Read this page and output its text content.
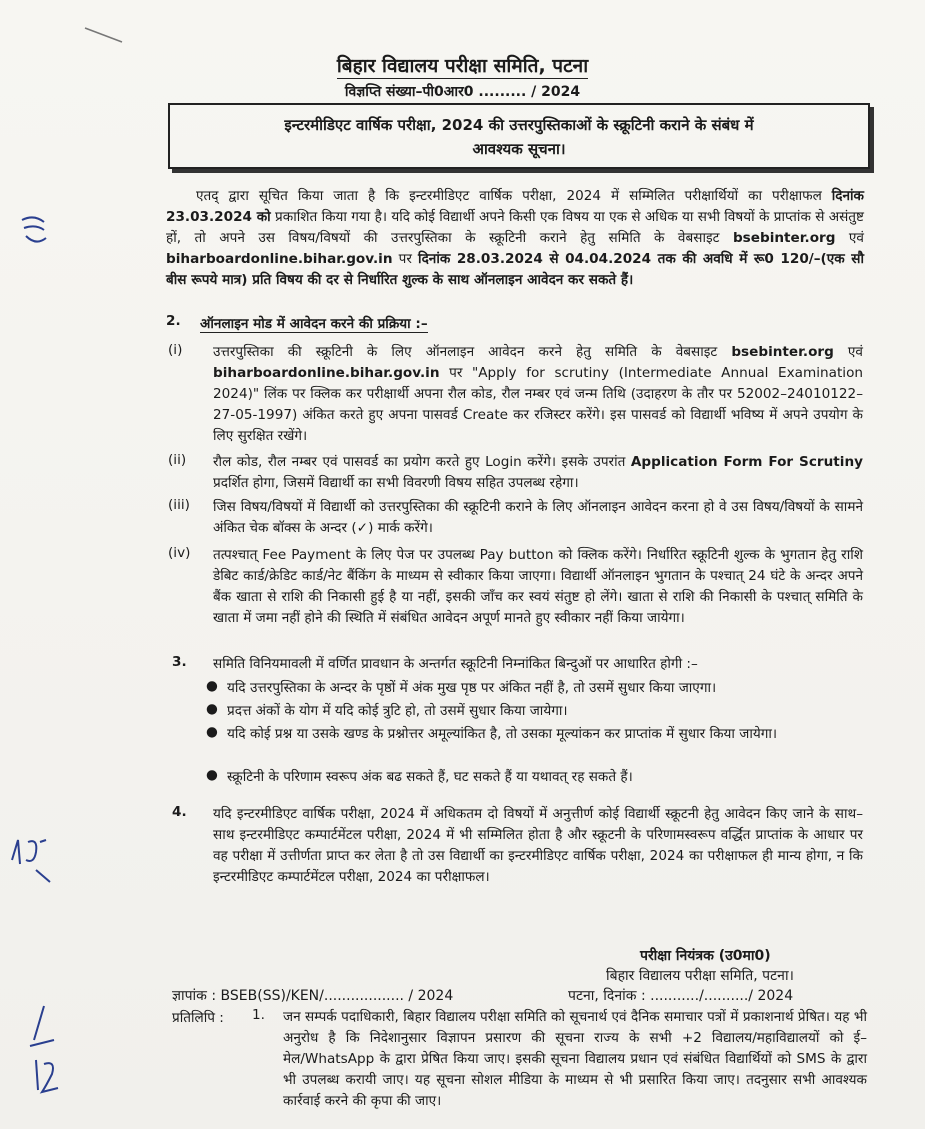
बिहार विद्यालय परीक्षा समिति, पटना
विज्ञप्ति संख्या–पी0आर0 ......... / 2024
इन्टरमीडिएट वार्षिक परीक्षा, 2024 की उत्तरपुस्तिकाओं के स्क्रूटिनी कराने के संबंध में
आवश्यक सूचना।
एतद् द्वारा सूचित किया जाता है कि इन्टरमीडिएट वार्षिक परीक्षा, 2024 में सम्मिलित परीक्षार्थियों का परीक्षाफल दिनांक 23.03.2024 को प्रकाशित किया गया है। यदि कोई विद्यार्थी अपने किसी एक विषय या एक से अधिक या सभी विषयों के प्राप्तांक से असंतुष्ट हों, तो अपने उस विषय/विषयों की उत्तरपुस्तिका के स्क्रूटिनी कराने हेतु समिति के वेबसाइट bsebinter.org एवं biharboardonline.bihar.gov.in पर दिनांक 28.03.2024 से 04.04.2024 तक की अवधि में रू0 120/–(एक सौ बीस रूपये मात्र) प्रति विषय की दर से निर्धारित शुल्क के साथ ऑनलाइन आवेदन कर सकते हैं।
2. ऑनलाइन मोड में आवेदन करने की प्रक्रिया :–
(i) उत्तरपुस्तिका की स्क्रूटिनी के लिए ऑनलाइन आवेदन करने हेतु समिति के वेबसाइट bsebinter.org एवं biharboardonline.bihar.gov.in पर "Apply for scrutiny (Intermediate Annual Examination 2024)" लिंक पर क्लिक कर परीक्षार्थी अपना रौल कोड, रौल नम्बर एवं जन्म तिथि (उदाहरण के तौर पर 52002–24010122–27-05-1997) अंकित करते हुए अपना पासवर्ड Create कर रजिस्टर करेंगे। इस पासवर्ड को विद्यार्थी भविष्य में अपने उपयोग के लिए सुरक्षित रखेंगे।
(ii) रौल कोड, रौल नम्बर एवं पासवर्ड का प्रयोग करते हुए Login करेंगे। इसके उपरांत Application Form For Scrutiny प्रदर्शित होगा, जिसमें विद्यार्थी का सभी विवरणी विषय सहित उपलब्ध रहेगा।
(iii) जिस विषय/विषयों में विद्यार्थी को उत्तरपुस्तिका की स्क्रूटिनी कराने के लिए ऑनलाइन आवेदन करना हो वे उस विषय/विषयों के सामने अंकित चेक बॉक्स के अन्दर (✓) मार्क करेंगे।
(iv) तत्पश्चात् Fee Payment के लिए पेज पर उपलब्ध Pay button को क्लिक करेंगे। निर्धारित स्क्रूटिनी शुल्क के भुगतान हेतु राशि डेबिट कार्ड/क्रेडिट कार्ड/नेट बैंकिंग के माध्यम से स्वीकार किया जाएगा। विद्यार्थी ऑनलाइन भुगतान के पश्चात् 24 घंटे के अन्दर अपने बैंक खाता से राशि की निकासी हुई है या नहीं, इसकी जाँच कर स्वयं संतुष्ट हो लेंगे। खाता से राशि की निकासी के पश्चात् समिति के खाता में जमा नहीं होने की स्थिति में संबंधित आवेदन अपूर्ण मानते हुए स्वीकार नहीं किया जायेगा।
3. समिति विनियमावली में वर्णित प्रावधान के अन्तर्गत स्क्रूटिनी निम्नांकित बिन्दुओं पर आधारित होगी :–
● यदि उत्तरपुस्तिका के अन्दर के पृष्ठों में अंक मुख पृष्ठ पर अंकित नहीं है, तो उसमें सुधार किया जाएगा।
● प्रदत्त अंकों के योग में यदि कोई त्रुटि हो, तो उसमें सुधार किया जायेगा।
● यदि कोई प्रश्न या उसके खण्ड के प्रश्नोत्तर अमूल्यांकित है, तो उसका मूल्यांकन कर प्राप्तांक में सुधार किया जायेगा।
● स्क्रूटिनी के परिणाम स्वरूप अंक बढ सकते हैं, घट सकते हैं या यथावत् रह सकते हैं।
4. यदि इन्टरमीडिएट वार्षिक परीक्षा, 2024 में अधिकतम दो विषयों में अनुत्तीर्ण कोई विद्यार्थी स्क्रूटनी हेतु आवेदन किए जाने के साथ–साथ इन्टरमीडिएट कम्पार्टमेंटल परीक्षा, 2024 में भी सम्मिलित होता है और स्क्रूटनी के परिणामस्वरूप वर्द्धित प्राप्तांक के आधार पर वह परीक्षा में उत्तीर्णता प्राप्त कर लेता है तो उस विद्यार्थी का इन्टरमीडिएट वार्षिक परीक्षा, 2024 का परीक्षाफल ही मान्य होगा, न कि इन्टरमीडिएट कम्पार्टमेंटल परीक्षा, 2024 का परीक्षाफल।
परीक्षा नियंत्रक (उ0मा0)
बिहार विद्यालय परीक्षा समिति, पटना।
ज्ञापांक : BSEB(SS)/KEN/.................. / 2024	पटना, दिनांक : .........../........../ 2024
प्रतिलिपि : 1. जन सम्पर्क पदाधिकारी, बिहार विद्यालय परीक्षा समिति को सूचनार्थ एवं दैनिक समाचार पत्रों में प्रकाशनार्थ प्रेषित। यह भी अनुरोध है कि निदेशानुसार विज्ञापन प्रसारण की सूचना राज्य के सभी +2 विद्यालय/महाविद्यालयों को ई–मेल/WhatsApp के द्वारा प्रेषित किया जाए। इसकी सूचना विद्यालय प्रधान एवं संबंधित विद्यार्थियों को SMS के द्वारा भी उपलब्ध करायी जाए। यह सूचना सोशल मीडिया के माध्यम से भी प्रसारित किया जाए। तदनुसार सभी आवश्यक कार्रवाई करने की कृपा की जाए।
